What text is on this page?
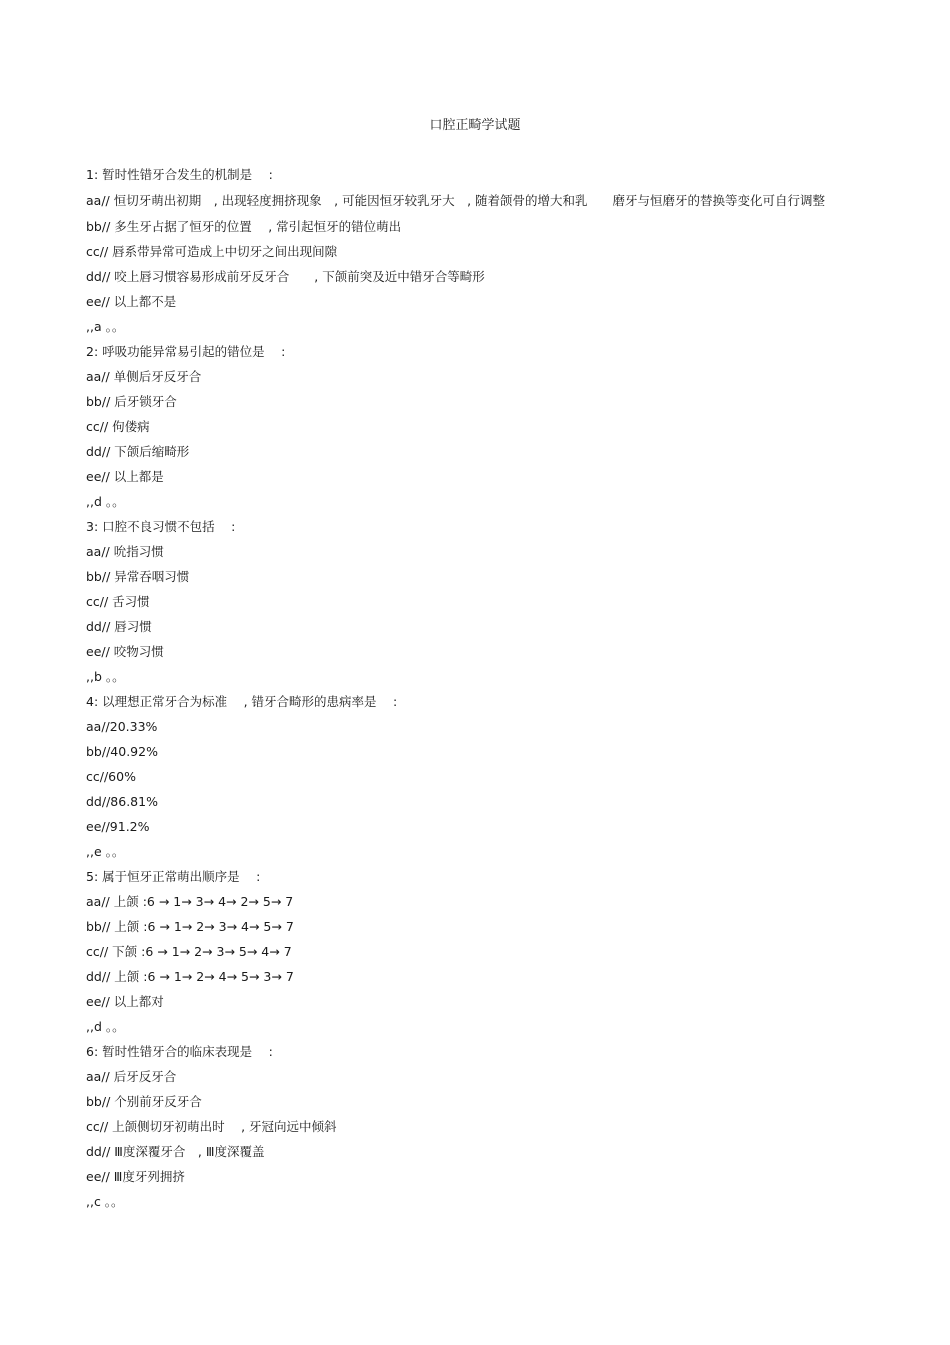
口腔正畸学试题
1: 暂时性错牙合发生的机制是　 :
aa// 恒切牙萌出初期　, 出现轻度拥挤现象　, 可能因恒牙较乳牙大　, 随着颌骨的增大和乳　　磨牙与恒磨牙的替换等变化可自行调整
bb// 多生牙占据了恒牙的位置　 , 常引起恒牙的错位萌出
cc// 唇系带异常可造成上中切牙之间出现间隙
dd// 咬上唇习惯容易形成前牙反牙合　　, 下颌前突及近中错牙合等畸形
ee// 以上都不是
,,a 。。
2: 呼吸功能异常易引起的错位是　 :
aa// 单侧后牙反牙合
bb// 后牙锁牙合
cc// 佝偻病
dd// 下颌后缩畸形
ee// 以上都是
,,d 。。
3: 口腔不良习惯不包括　 :
aa// 吮指习惯
bb// 异常吞咽习惯
cc// 舌习惯
dd// 唇习惯
ee// 咬物习惯
,,b 。。
4: 以理想正常牙合为标准　 , 错牙合畸形的患病率是　 :
aa//20.33%
bb//40.92%
cc//60%
dd//86.81%
ee//91.2%
,,e 。。
5: 属于恒牙正常萌出顺序是　 :
aa// 上颌 :6 → 1→ 3→ 4→ 2→ 5→ 7
bb// 上颌 :6 → 1→ 2→ 3→ 4→ 5→ 7
cc// 下颌 :6 → 1→ 2→ 3→ 5→ 4→ 7
dd// 上颌 :6 → 1→ 2→ 4→ 5→ 3→ 7
ee// 以上都对
,,d 。。
6: 暂时性错牙合的临床表现是　 :
aa// 后牙反牙合
bb// 个别前牙反牙合
cc// 上颌侧切牙初萌出时　 , 牙冠向远中倾斜
dd// Ⅲ度深覆牙合　, Ⅲ度深覆盖
ee// Ⅲ度牙列拥挤
,,c 。。
